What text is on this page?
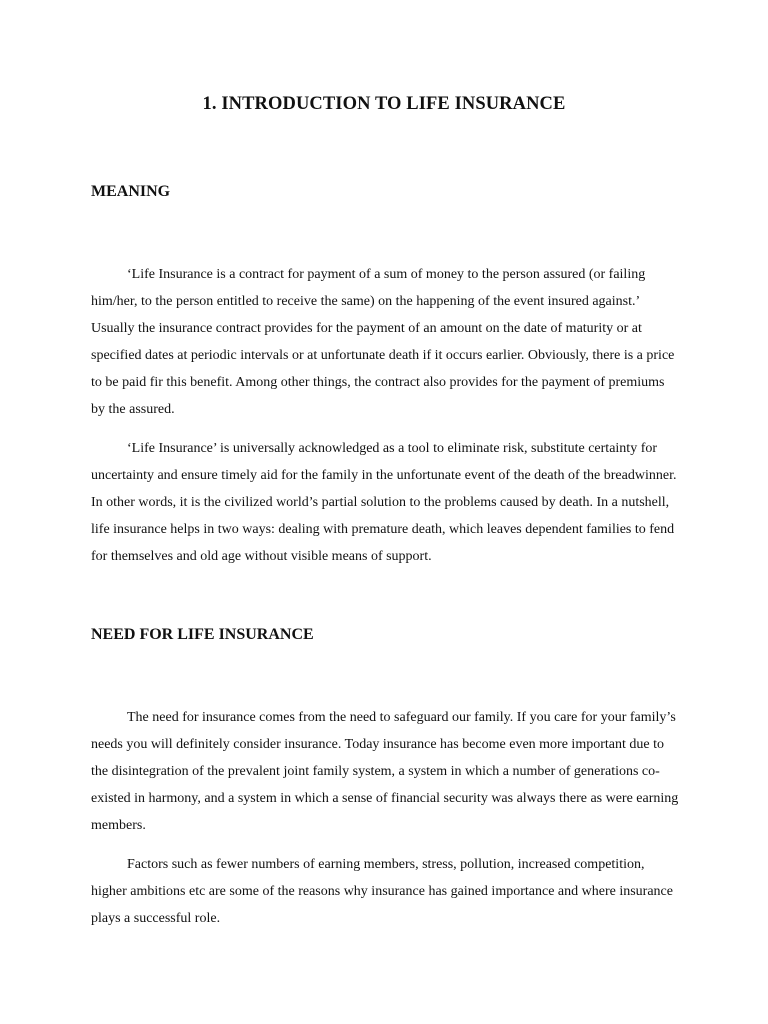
1. INTRODUCTION TO LIFE INSURANCE
MEANING

‘Life Insurance is a contract for payment of a sum of money to the person assured (or failing him/her, to the person entitled to receive the same) on the happening of the event insured against.’ Usually the insurance contract provides for the payment of an amount on the date of maturity or at specified dates at periodic intervals or at unfortunate death if it occurs earlier. Obviously, there is a price to be paid fir this benefit. Among other things, the contract also provides for the payment of premiums by the assured.

‘Life Insurance’ is universally acknowledged as a tool to eliminate risk, substitute certainty for uncertainty and ensure timely aid for the family in the unfortunate event of the death of the breadwinner. In other words, it is the civilized world’s partial solution to the problems caused by death. In a nutshell, life insurance helps in two ways: dealing with premature death, which leaves dependent families to fend for themselves and old age without visible means of support.

NEED FOR LIFE INSURANCE

The need for insurance comes from the need to safeguard our family. If you care for your family’s needs you will definitely consider insurance. Today insurance has become even more important due to the disintegration of the prevalent joint family system, a system in which a number of generations co-existed in harmony, and a system in which a sense of financial security was always there as were earning members.

Factors such as fewer numbers of earning members, stress, pollution, increased competition, higher ambitions etc are some of the reasons why insurance has gained importance and where insurance plays a successful role.
